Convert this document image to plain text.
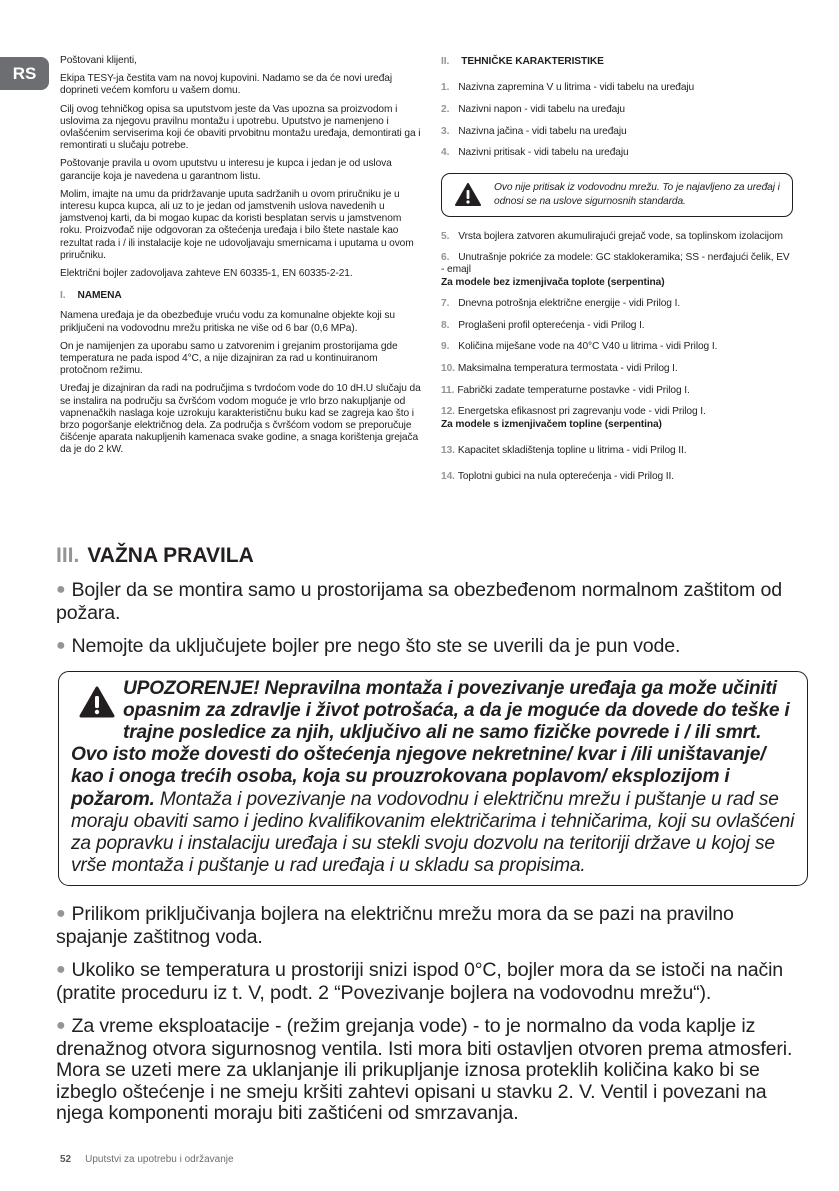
RS

Poštovani klijenti,

Ekipa TESY-ja čestita vam na novoj kupovini. Nadamo se da će novi uređaj doprineti većem komforu u vašem domu.

Cilj ovog tehničkog opisa sa uputstvom jeste da Vas upozna sa proizvodom i uslovima za njegovu pravilnu montažu i upotrebu. Uputstvo je namenjeno i ovlašćenim serviserima koji će obaviti prvobitnu montažu uređaja, demontirati ga i remontirati u slučaju potrebe.

Poštovanje pravila u ovom uputstvu u interesu je kupca i jedan je od uslova garancije koja je navedena u garantnom listu.

Molim, imajte na umu da pridržavanje uputa sadržanih u ovom priručniku je u interesu kupca kupca, ali uz to je jedan od jamstvenih uslova navedenih u jamstvenoj karti, da bi mogao kupac da koristi besplatan servis u jamstvenom roku. Proizvođač nije odgovoran za oštećenja uređaja i bilo štete nastale kao rezultat rada i / ili instalacije koje ne udovoljavaju smernicama i uputama u ovom priručniku.

Električni bojler zadovoljava zahteve EN 60335-1, EN 60335-2-21.

I. NAMENA

Namena uređaja je da obezbeđuje vruću vodu za komunalne objekte koji su priključeni na vodovodnu mrežu pritiska ne više od 6 bar (0,6 MPa).

On je namijenjen za uporabu samo u zatvorenim i grejanim prostorijama gde temperatura ne pada ispod 4°C, a nije dizajniran za rad u kontinuiranom protočnom režimu.

Uređaj je dizajniran da radi na područjima s tvrdoćom vode do 10 dH.U slučaju da se instalira na području sa čvršćom vodom moguće je vrlo brzo nakupljanje od vapnenačkih naslaga koje uzrokuju karakterističnu buku kad se zagreja kao što i brzo pogoršanje električnog dela. Za područja s čvršćom vodom se preporučuje čišćenje aparata nakupljenih kamenaca svake godine, a snaga korištenja grejača da je do 2 kW.

II. TEHNIČKE KARAKTERISTIKE
1. Nazivna zapremina V u litrima - vidi tabelu na uređaju
2. Nazivni napon - vidi tabelu na uređaju
3. Nazivna jačina - vidi tabelu na uređaju
4. Nazivni pritisak - vidi tabelu na uređaju
Ovo nije pritisak iz vodovodnu mrežu. To je najavljeno za uređaj i odnosi se na uslove sigurnosnih standarda.
5. Vrsta bojlera zatvoren akumulirajući grejač vode, sa toplinskom izolacijom
6. Unutrašnje pokriće za modele: GC staklokeramika; SS - nerđajući čelik, EV - emajl
Za modele bez izmenjivača toplote (serpentina)
7. Dnevna potrošnja električne energije - vidi Prilog I.
8. Proglašeni profil opterećenja - vidi Prilog I.
9. Količina miješane vode na 40°C V40 u litrima - vidi Prilog I.
10. Maksimalna temperatura termostata - vidi Prilog I.
11. Fabrički zadate temperaturne postavke - vidi Prilog I.
12. Energetska efikasnost pri zagrevanju vode - vidi Prilog I.
Za modele s izmenjivačem topline (serpentina)
13. Kapacitet skladištenja topline u litrima - vidi Prilog II.
14. Toplotni gubici na nula opterećenja - vidi Prilog II.
III. VAŽNA PRAVILA
● Bojler da se montira samo u prostorijama sa obezbeđenom normalnom zaštitom od požara.
● Nemojte da uključujete bojler pre nego što ste se uverili da je pun vode.
UPOZORENJE! Nepravilna montaža i povezivanje uređaja ga može učiniti opasnim za zdravlje i život potrošaća, a da je moguće da dovede do teške i trajne posledice za njih, uključivo ali ne samo fizičke povrede i / ili smrt. Ovo isto može dovesti do oštećenja njegove nekretnine/ kvar i /ili uništavanje/ kao i onoga trećih osoba, koja su prouzrokovana poplavom/ eksplozijom i požarom. Montaža i povezivanje na vodovodnu i električnu mrežu i puštanje u rad se moraju obaviti samo i jedino kvalifikovanim električarima i tehničarima, koji su ovlašćeni za popravku i instalaciju uređaja i su stekli svoju dozvolu na teritoriji države u kojoj se vrše montaža i puštanje u rad uređaja i u skladu sa propisima.
● Prilikom priključivanja bojlera na električnu mrežu mora da se pazi na pravilno spajanje zaštitnog voda.
● Ukoliko se temperatura u prostoriji snizi ispod 0°C, bojler mora da se istoči na način (pratite proceduru iz t. V, podt. 2 “Povezivanje bojlera na vodovodnu mrežu“).
● Za vreme eksploatacije - (režim grejanja vode) - to je normalno da voda kaplje iz drenažnog otvora sigurnosnog ventila. Isti mora biti ostavljen otvoren prema atmosferi. Mora se uzeti mere za uklanjanje ili prikupljanje iznosa proteklih količina kako bi se izbeglo oštećenje i ne smeju kršiti zahtevi opisani u stavku 2. V. Ventil i povezani na njega komponenti moraju biti zaštićeni od smrzavanja.
52 Uputstvi za upotrebu i održavanje
